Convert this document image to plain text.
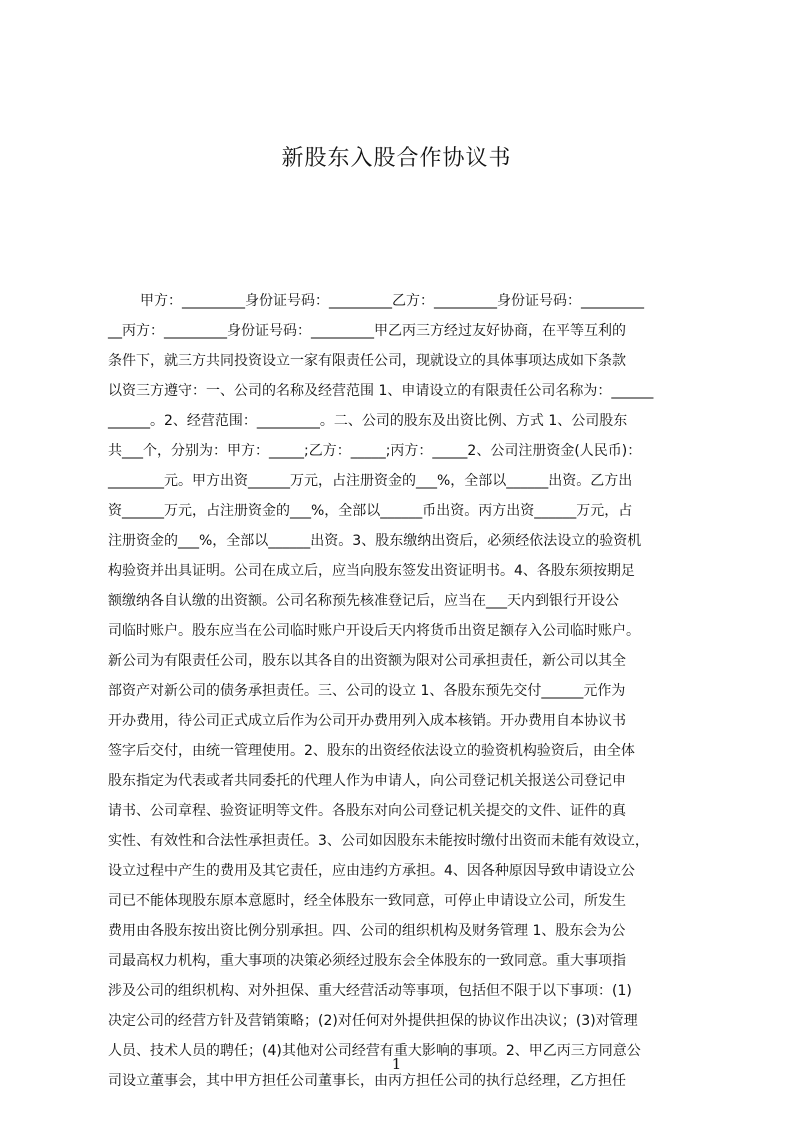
新股东入股合作协议书
甲方：_________身份证号码：_________乙方：_________身份证号码：_________
__丙方：_________身份证号码：_________甲乙丙三方经过友好协商，在平等互利的
条件下，就三方共同投资设立一家有限责任公司，现就设立的具体事项达成如下条款
以资三方遵守：一、公司的名称及经营范围 1、申请设立的有限责任公司名称为：______
______。2、经营范围：_________。二、公司的股东及出资比例、方式 1、公司股东
共___个，分别为：甲方：_____;乙方：_____;丙方：_____2、公司注册资金(人民币)：
________元。甲方出资______万元，占注册资金的___%，全部以______出资。乙方出
资______万元，占注册资金的___%，全部以______币出资。丙方出资______万元，占
注册资金的___%，全部以______出资。3、股东缴纳出资后，必须经依法设立的验资机
构验资并出具证明。公司在成立后，应当向股东签发出资证明书。4、各股东须按期足
额缴纳各自认缴的出资额。公司名称预先核准登记后，应当在___天内到银行开设公
司临时账户。股东应当在公司临时账户开设后天内将货币出资足额存入公司临时账户。
新公司为有限责任公司，股东以其各自的出资额为限对公司承担责任，新公司以其全
部资产对新公司的债务承担责任。三、公司的设立 1、各股东预先交付______元作为
开办费用，待公司正式成立后作为公司开办费用列入成本核销。开办费用自本协议书
签字后交付，由统一管理使用。2、股东的出资经依法设立的验资机构验资后，由全体
股东指定为代表或者共同委托的代理人作为申请人，向公司登记机关报送公司登记申
请书、公司章程、验资证明等文件。各股东对向公司登记机关提交的文件、证件的真
实性、有效性和合法性承担责任。3、公司如因股东未能按时缴付出资而未能有效设立，
设立过程中产生的费用及其它责任，应由违约方承担。4、因各种原因导致申请设立公
司已不能体现股东原本意愿时，经全体股东一致同意，可停止申请设立公司，所发生
费用由各股东按出资比例分别承担。四、公司的组织机构及财务管理 1、股东会为公
司最高权力机构，重大事项的决策必须经过股东会全体股东的一致同意。重大事项指
涉及公司的组织机构、对外担保、重大经营活动等事项，包括但不限于以下事项：(1)
决定公司的经营方针及营销策略；(2)对任何对外提供担保的协议作出决议；(3)对管理
人员、技术人员的聘任；(4)其他对公司经营有重大影响的事项。2、甲乙丙三方同意公
司设立董事会，其中甲方担任公司董事长，由丙方担任公司的执行总经理，乙方担任
1
